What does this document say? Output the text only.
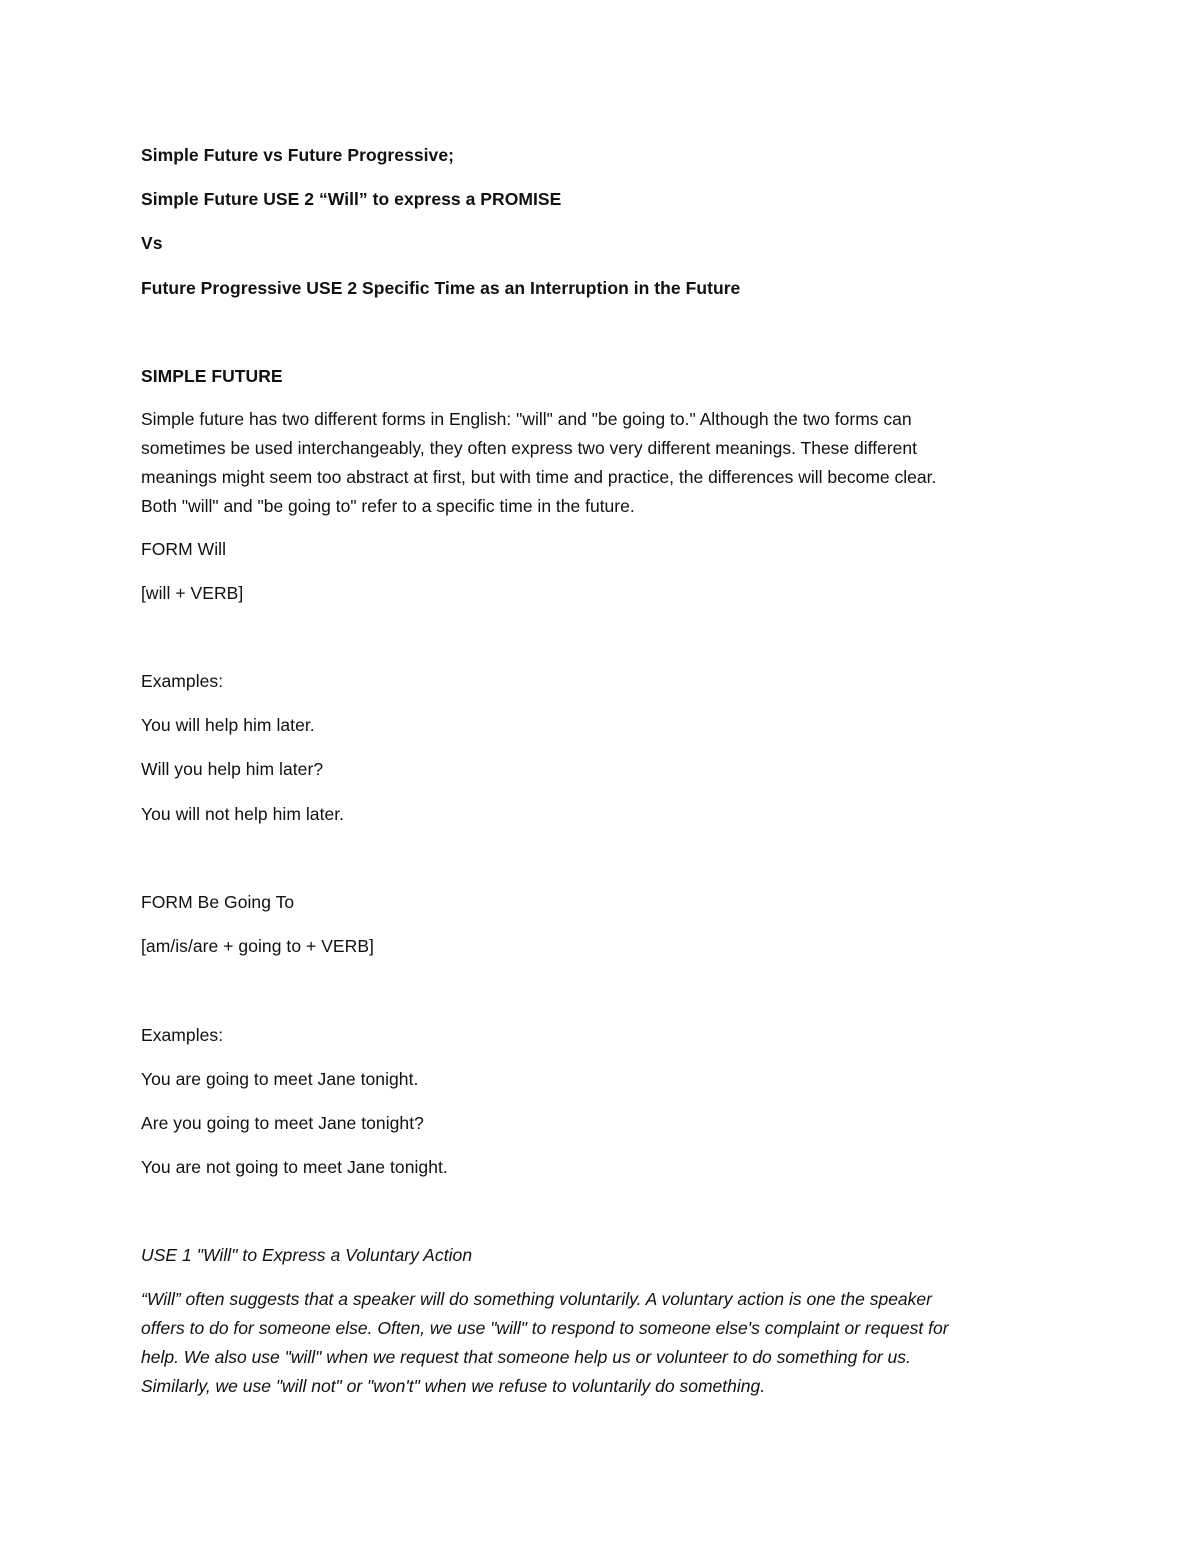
Simple Future vs Future Progressive;

Simple Future USE 2 “Will” to express a PROMISE

Vs

Future Progressive USE 2 Specific Time as an Interruption in the Future

SIMPLE FUTURE

Simple future has two different forms in English: "will" and "be going to." Although the two forms can
sometimes be used interchangeably, they often express two very different meanings. These different
meanings might seem too abstract at first, but with time and practice, the differences will become clear.
Both "will" and "be going to" refer to a specific time in the future.

FORM Will

[will + VERB]

Examples:

You will help him later.

Will you help him later?

You will not help him later.

FORM Be Going To

[am/is/are + going to + VERB]

Examples:

You are going to meet Jane tonight.

Are you going to meet Jane tonight?

You are not going to meet Jane tonight.

USE 1 "Will" to Express a Voluntary Action

“Will” often suggests that a speaker will do something voluntarily. A voluntary action is one the speaker
offers to do for someone else. Often, we use "will" to respond to someone else's complaint or request for
help. We also use "will" when we request that someone help us or volunteer to do something for us.
Similarly, we use "will not" or "won't" when we refuse to voluntarily do something.
